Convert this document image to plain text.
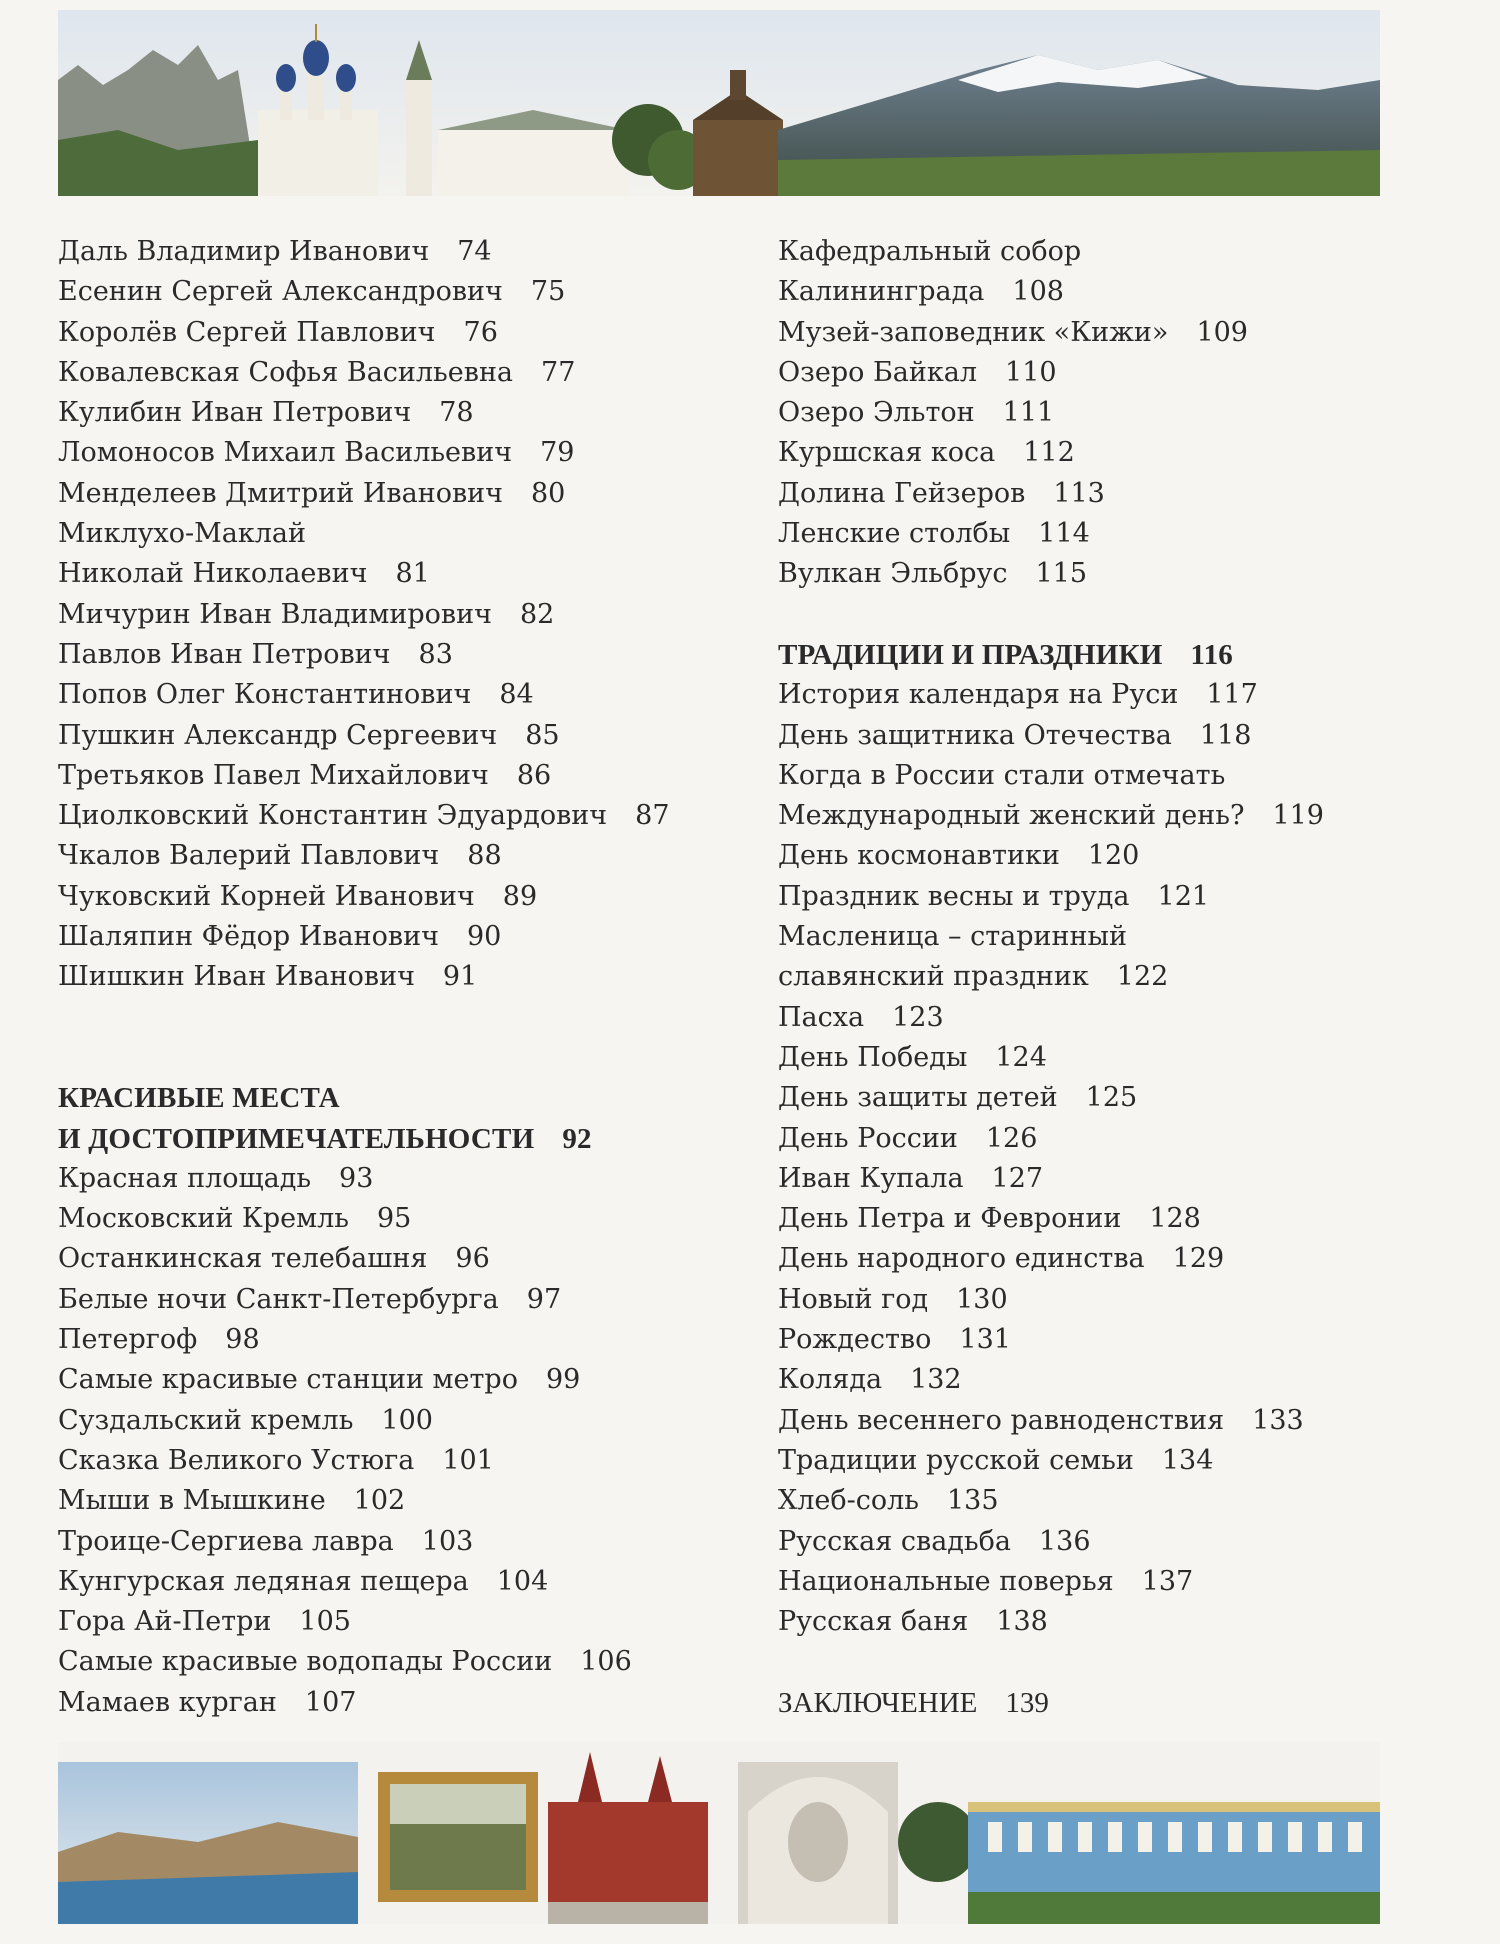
Даль Владимир Иванович 74
Есенин Сергей Александрович 75
Королёв Сергей Павлович 76
Ковалевская Софья Васильевна 77
Кулибин Иван Петрович 78
Ломоносов Михаил Васильевич 79
Менделеев Дмитрий Иванович 80
Миклухо-Маклай
Николай Николаевич 81
Мичурин Иван Владимирович 82
Павлов Иван Петрович 83
Попов Олег Константинович 84
Пушкин Александр Сергеевич 85
Третьяков Павел Михайлович 86
Циолковский Константин Эдуардович 87
Чкалов Валерий Павлович 88
Чуковский Корней Иванович 89
Шаляпин Фёдор Иванович 90
Шишкин Иван Иванович 91
КРАСИВЫЕ МЕСТА
И ДОСТОПРИМЕЧАТЕЛЬНОСТИ 92
Красная площадь 93
Московский Кремль 95
Останкинская телебашня 96
Белые ночи Санкт-Петербурга 97
Петергоф 98
Самые красивые станции метро 99
Суздальский кремль 100
Сказка Великого Устюга 101
Мыши в Мышкине 102
Троице-Сергиева лавра 103
Кунгурская ледяная пещера 104
Гора Ай-Петри 105
Самые красивые водопады России 106
Мамаев курган 107
Кафедральный собор
Калининграда 108
Музей-заповедник «Кижи» 109
Озеро Байкал 110
Озеро Эльтон 111
Куршская коса 112
Долина Гейзеров 113
Ленские столбы 114
Вулкан Эльбрус 115
ТРАДИЦИИ И ПРАЗДНИКИ 116
История календаря на Руси 117
День защитника Отечества 118
Когда в России стали отмечать
Международный женский день? 119
День космонавтики 120
Праздник весны и труда 121
Масленица – старинный
славянский праздник 122
Пасха 123
День Победы 124
День защиты детей 125
День России 126
Иван Купала 127
День Петра и Февронии 128
День народного единства 129
Новый год 130
Рождество 131
Коляда 132
День весеннего равноденствия 133
Традиции русской семьи 134
Хлеб-соль 135
Русская свадьба 136
Национальные поверья 137
Русская баня 138
ЗАКЛЮЧЕНИЕ 139
